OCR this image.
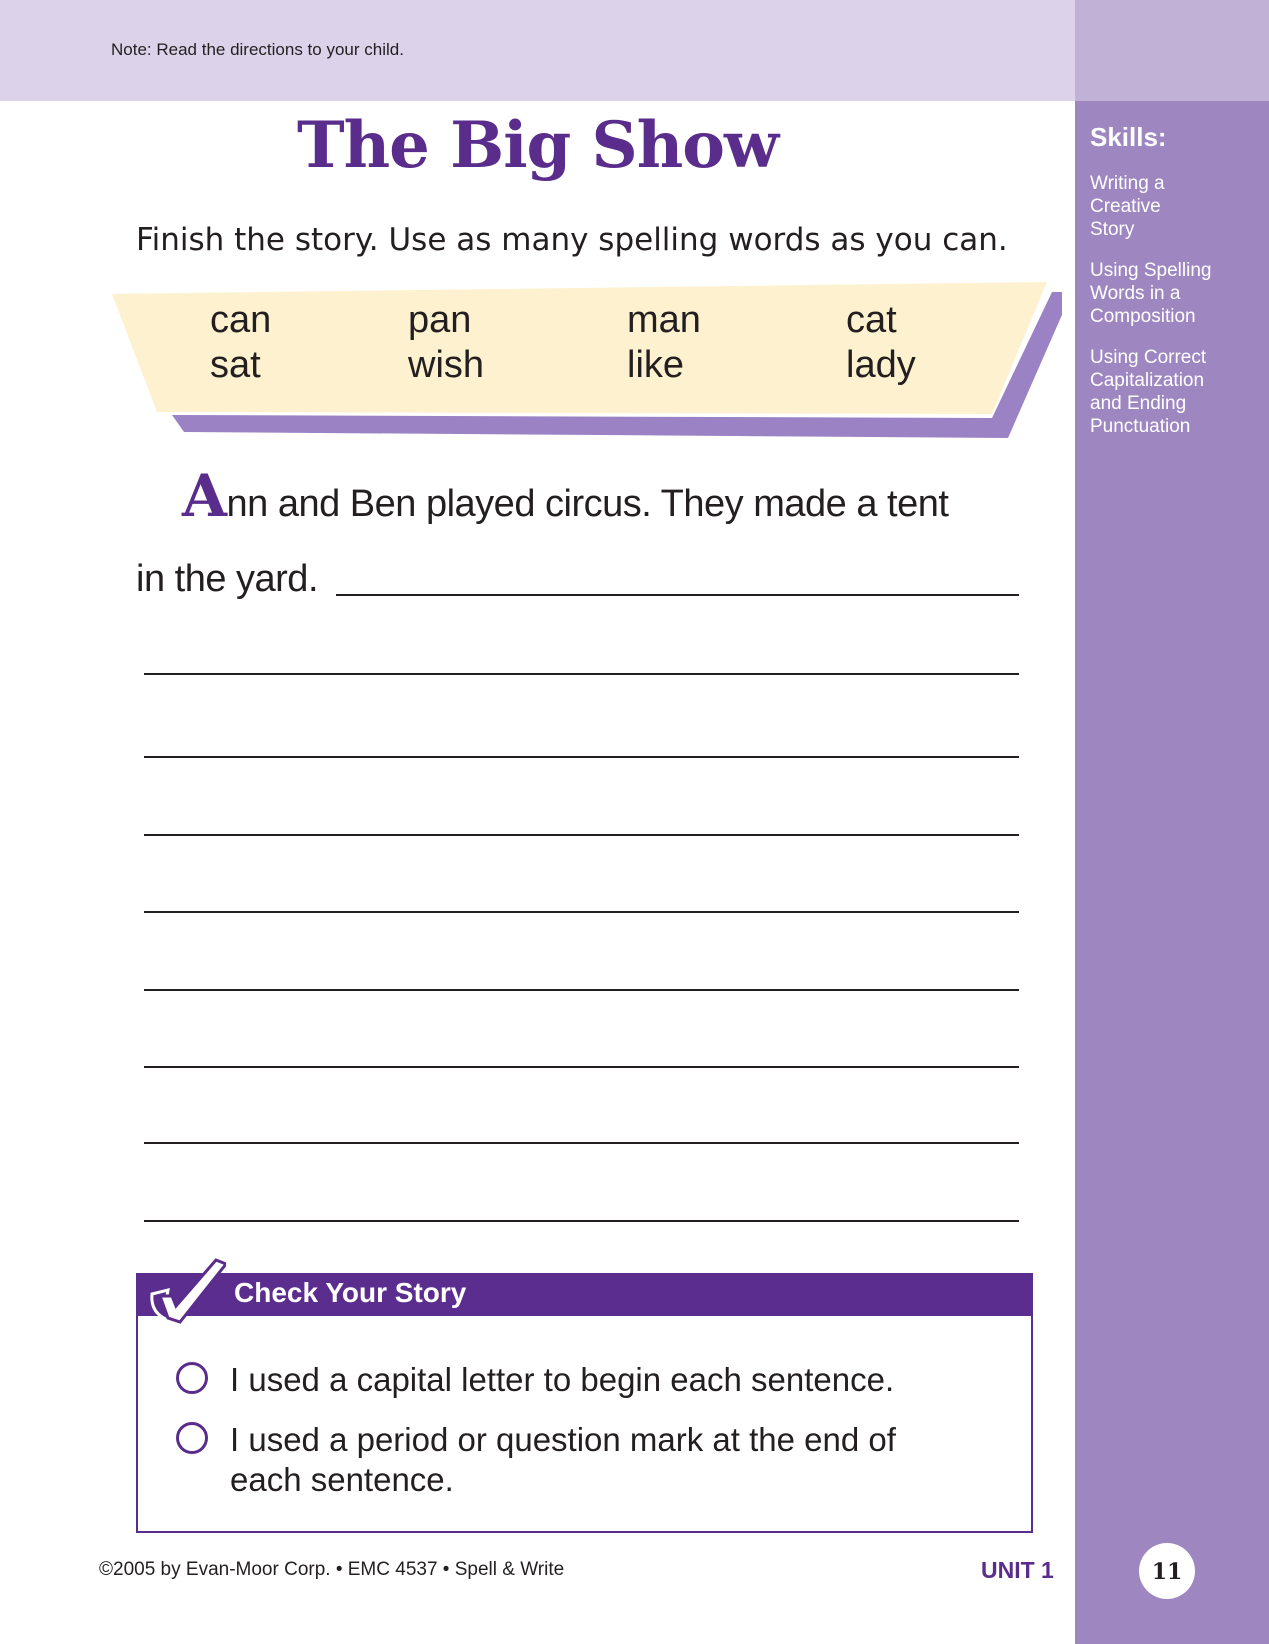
Note: Read the directions to your child.
Skills:
Writing a Creative Story
Using Spelling Words in a Composition
Using Correct Capitalization and Ending Punctuation
The Big Show
Finish the story. Use as many spelling words as you can.
can
sat
pan
wish
man
like
cat
lady
Ann and Ben played circus. They made a tent
in the yard.
Check Your Story
I used a capital letter to begin each sentence.
I used a period or question mark at the end of
each sentence.
©2005 by Evan-Moor Corp. • EMC 4537 • Spell & Write	UNIT 1	11
